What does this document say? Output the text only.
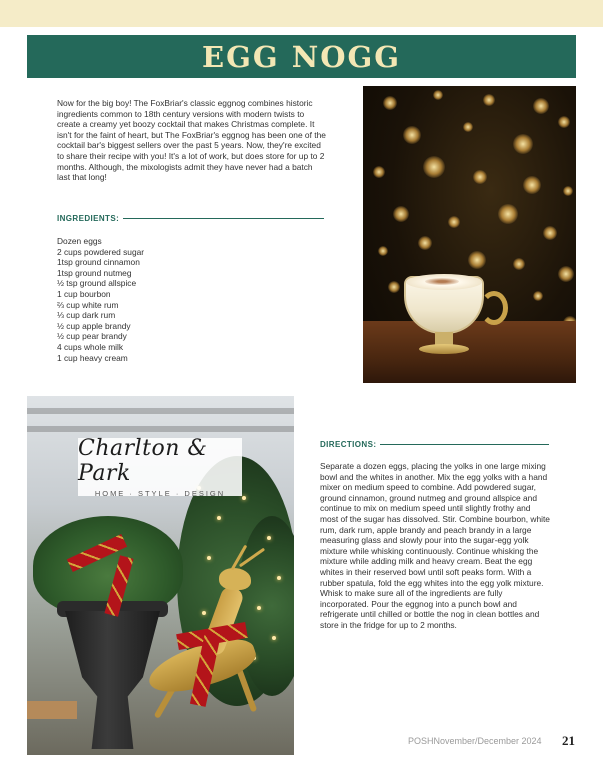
EGG NOGG

Now for the big boy! The FoxBriar's classic eggnog combines historic ingredients common to 18th century versions with modern twists to create a creamy yet boozy cocktail that makes Christmas complete. It isn't for the faint of heart, but The FoxBriar's eggnog has been one of the cocktail bar's biggest sellers over the past 5 years. Now, they're excited to share their recipe with you! It's a lot of work, but does store for up to 2 months. Although, the mixologists admit they have never had a batch last that long!

INGREDIENTS:
Dozen eggs
2 cups powdered sugar
1tsp ground cinnamon
1tsp ground nutmeg
½ tsp ground allspice
1 cup bourbon
⅔ cup white rum
⅓ cup dark rum
½ cup apple brandy
½ cup pear brandy
4 cups whole milk
1 cup heavy cream
Charlton & Park
HOME · STYLE · DESIGN
DIRECTIONS:

Separate a dozen eggs, placing the yolks in one large mixing bowl and the whites in another. Mix the egg yolks with a hand mixer on medium speed to combine. Add powdered sugar, ground cinnamon, ground nutmeg and ground allspice and continue to mix on medium speed until slightly frothy and most of the sugar has dissolved. Stir. Combine bourbon, white rum, dark rum, apple brandy and peach brandy in a large measuring glass and slowly pour into the sugar-egg yolk mixture while whisking continuously. Continue whisking the mixture while adding milk and heavy cream. Beat the egg whites in their reserved bowl until soft peaks form. With a rubber spatula, fold the egg whites into the egg yolk mixture. Whisk to make sure all of the ingredients are fully incorporated. Pour the eggnog into a punch bowl and refrigerate until chilled or bottle the nog in clean bottles and store in the fridge for up to 2 months.

POSHNovember/December 2024 21
